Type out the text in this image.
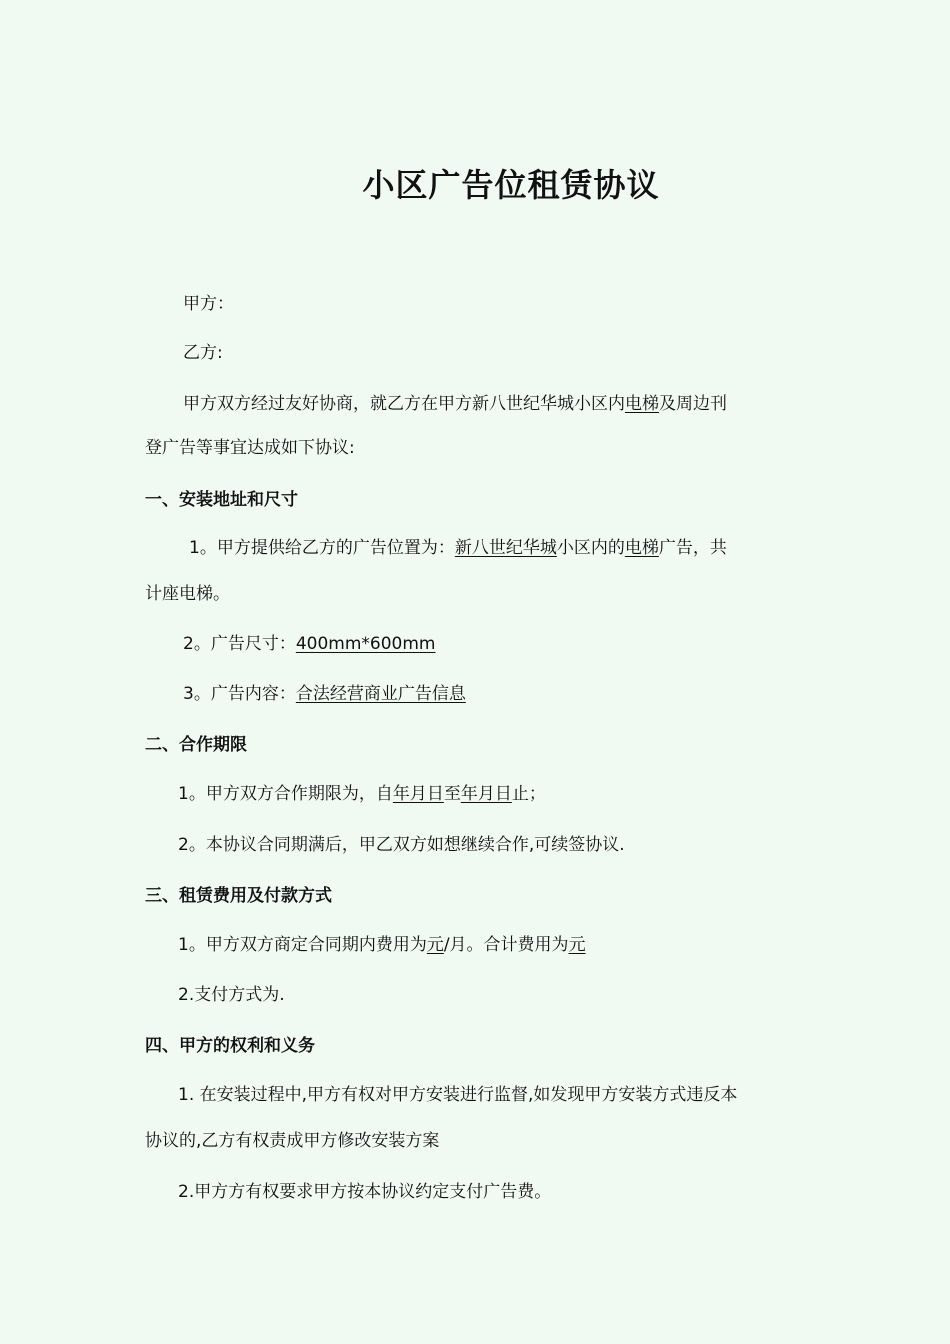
小区广告位租赁协议

甲方：

乙方:

甲方双方经过友好协商，就乙方在甲方新八世纪华城小区内电梯及周边刊

登广告等事宜达成如下协议:

一、安装地址和尺寸

1。甲方提供给乙方的广告位置为：新八世纪华城小区内的电梯广告，共

计座电梯。

2。广告尺寸：400mm*600mm

3。广告内容：合法经营商业广告信息

二、合作期限

1。甲方双方合作期限为，自年月日至年月日止；

2。本协议合同期满后，甲乙双方如想继续合作,可续签协议.

三、租赁费用及付款方式

1。甲方双方商定合同期内费用为元/月。合计费用为元

2.支付方式为.

四、甲方的权利和义务

1. 在安装过程中,甲方有权对甲方安装进行监督,如发现甲方安装方式违反本

协议的,乙方有权责成甲方修改安装方案

2.甲方方有权要求甲方按本协议约定支付广告费。
